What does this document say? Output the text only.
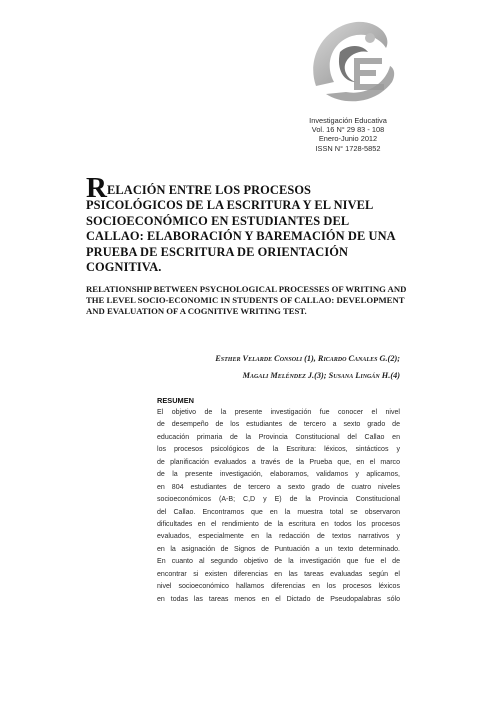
Investigación Educativa
Vol. 16 N° 29 83 - 108
Enero-Junio 2012
ISSN N° 1728-5852
RELACIÓN ENTRE LOS PROCESOS PSICOLÓGICOS DE LA ESCRITURA Y EL NIVEL SOCIOECONÓMICO EN ESTUDIANTES DEL CALLAO: ELABORACIÓN Y BAREMACIÓN DE UNA PRUEBA DE ESCRITURA DE ORIENTACIÓN COGNITIVA.
RELATIONSHIP BETWEEN PSYCHOLOGICAL PROCESSES OF WRITING AND THE LEVEL SOCIO-ECONOMIC IN STUDENTS OF CALLAO: DEVELOPMENT AND EVALUATION OF A COGNITIVE WRITING TEST.
Esther Velarde Consoli (1), Ricardo Canales G.(2);
Magali Meléndez J.(3); Susana Lingán H.(4)
RESUMEN
El objetivo de la presente investigación fue conocer el nivel
de desempeño de los estudiantes de tercero a sexto grado de
educación primaria de la Provincia Constitucional del Callao en
los procesos psicológicos de la Escritura: léxicos, sintácticos y
de planificación evaluados a través de la Prueba que, en el marco
de la presente investigación, elaboramos, validamos y aplicamos,
en 804 estudiantes de tercero a sexto grado de cuatro niveles
socioeconómicos (A-B; C,D y E) de la Provincia Constitucional
del Callao. Encontramos que en la muestra total se observaron
dificultades en el rendimiento de la escritura en todos los procesos
evaluados, especialmente en la redacción de textos narrativos y
en la asignación de Signos de Puntuación a un texto determinado.
En cuanto al segundo objetivo de la investigación que fue el de
encontrar si existen diferencias en las tareas evaluadas según el
nivel socioeconómico hallamos diferencias en los procesos léxicos
en todas las tareas menos en el Dictado de Pseudopalabras sólo
